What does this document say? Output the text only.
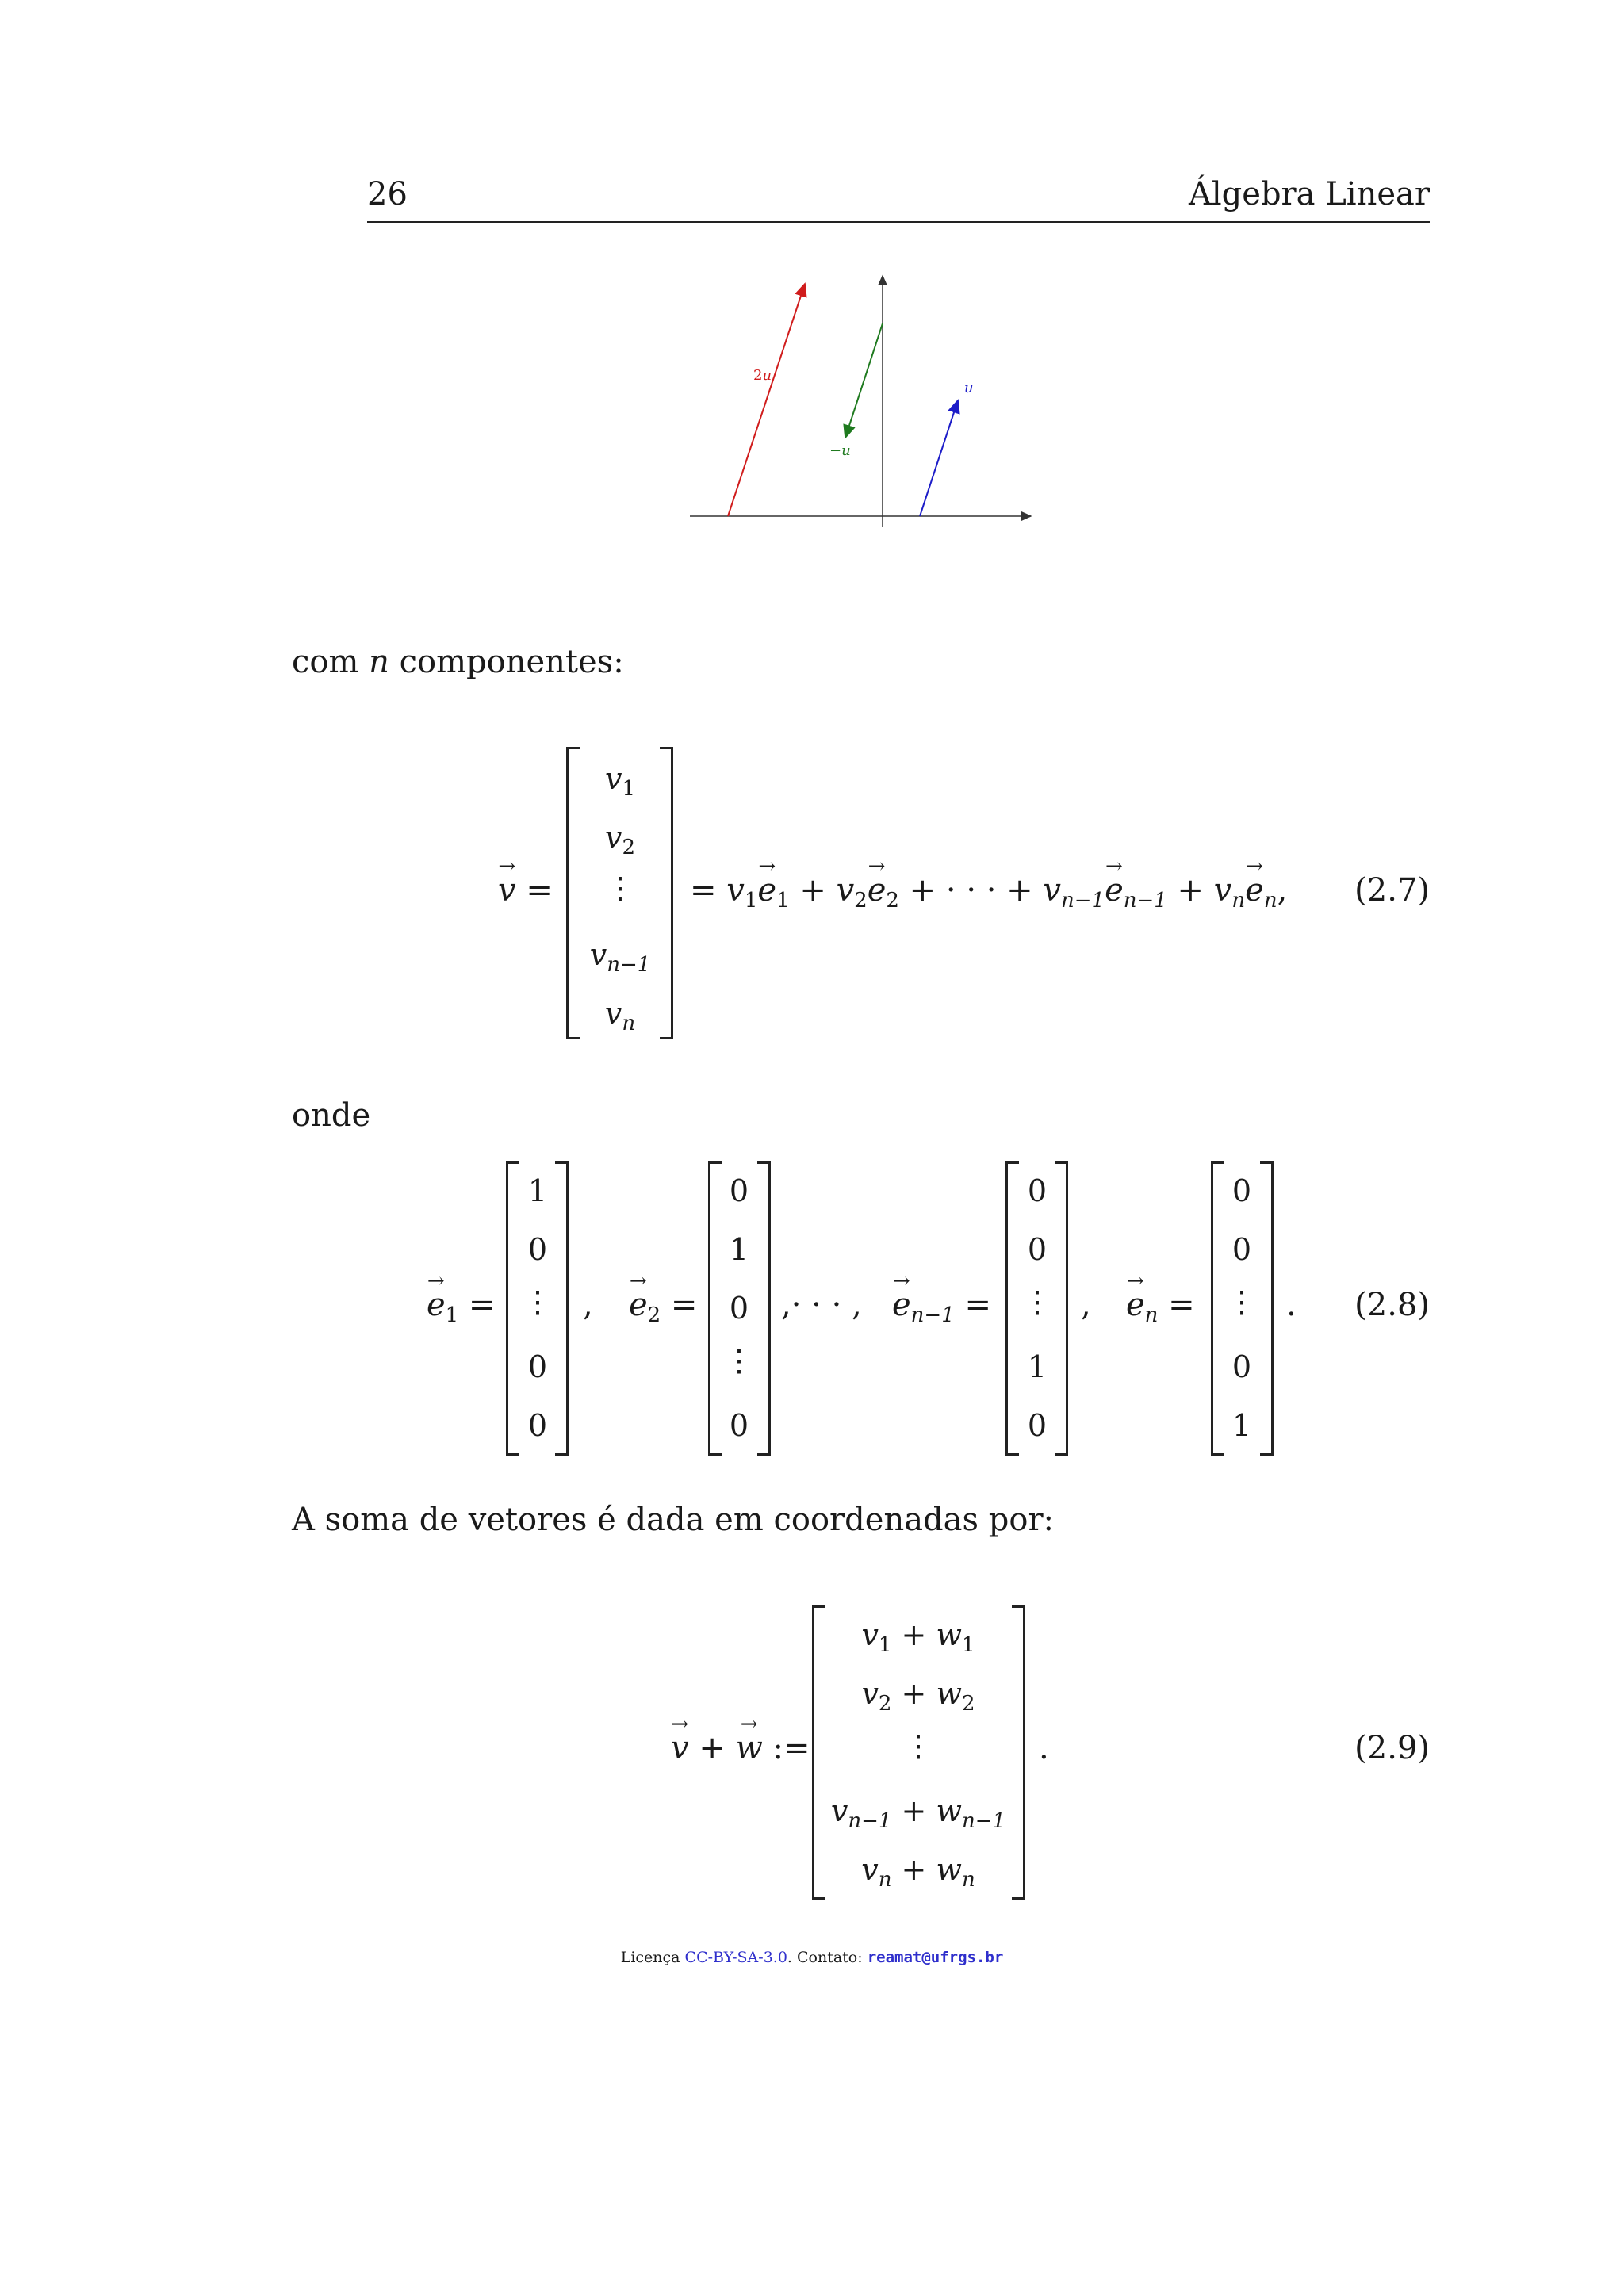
26	Álgebra Linear
2u
−u
u
com n componentes:
→ v =
$v_1$
$v_2$
⋮
$v_{n-1}$
$v_n$
= $v_1\to e_1 + v_2\to e_2$ + · · · + $v_{n-1}\to e_{n-1} + v_n\to e_n$, (2.7)
onde
→ $e_1$ =
1
0
⋮
0
0
, → $e_2$ =
0
1
0
⋮
0
,· · · , → $e_{n-1}$ =
0
0
⋮
1
0
, → $e_n$ =
0
0
⋮
0
1
. (2.8)
A soma de vetores é dada em coordenadas por:
→ v + → w :=
$v_1 + w_1$
$v_2 + w_2$
⋮
$v_{n-1} + w_{n-1}$
$v_n + w_n$
.	(2.9)
Licença CC-BY-SA-3.0. Contato: reamat@ufrgs.br
